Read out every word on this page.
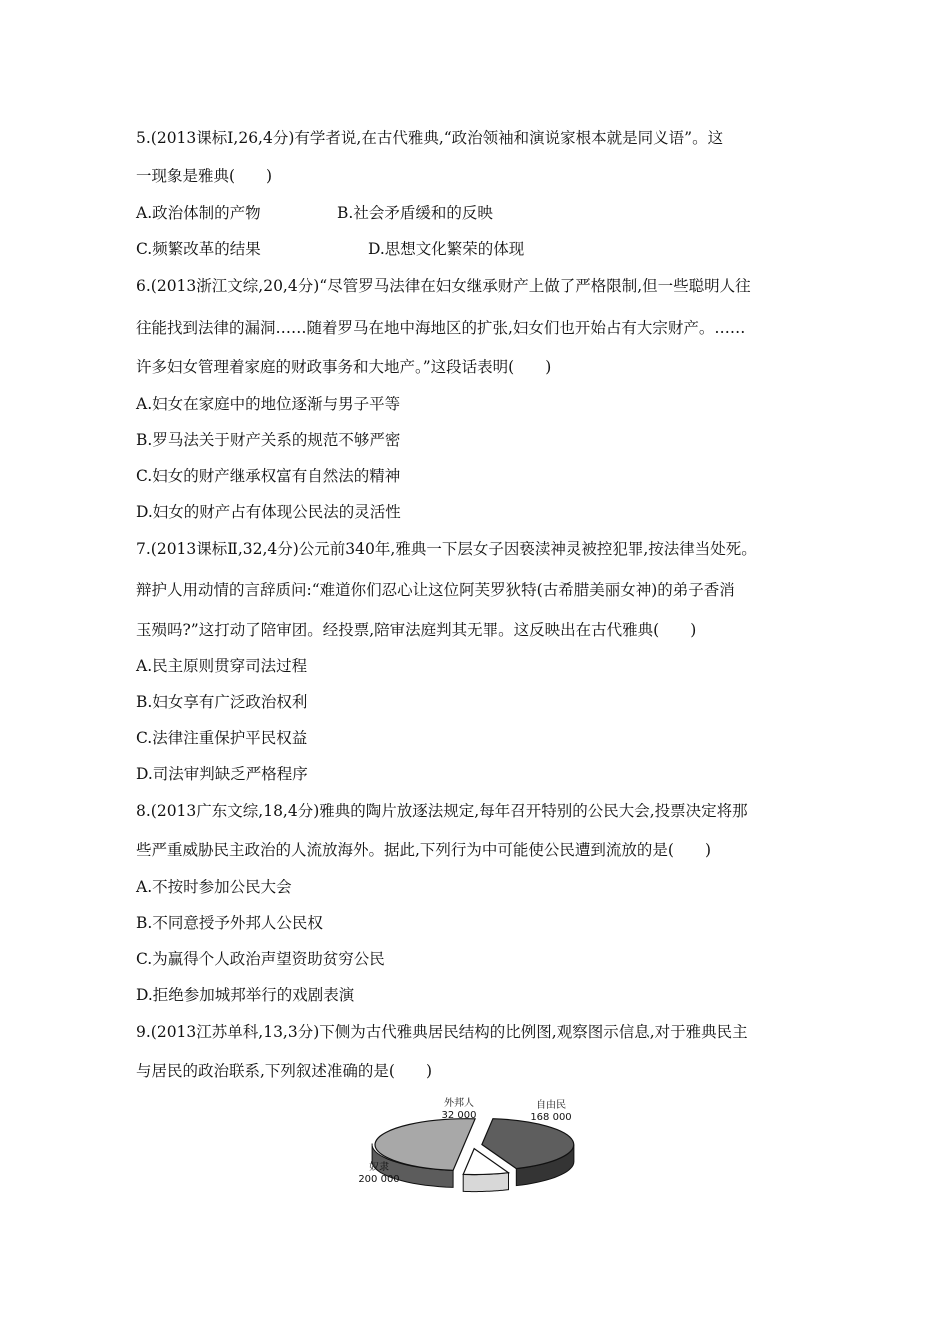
5.(2013课标Ⅰ,26,4分)有学者说,在古代雅典,“政治领袖和演说家根本就是同义语”。这
一现象是雅典(　　)
A.政治体制的产物	B.社会矛盾缓和的反映
C.频繁改革的结果	D.思想文化繁荣的体现
6.(2013浙江文综,20,4分)“尽管罗马法律在妇女继承财产上做了严格限制,但一些聪明人往
往能找到法律的漏洞……随着罗马在地中海地区的扩张,妇女们也开始占有大宗财产。……
许多妇女管理着家庭的财政事务和大地产。”这段话表明(　　)
A.妇女在家庭中的地位逐渐与男子平等
B.罗马法关于财产关系的规范不够严密
C.妇女的财产继承权富有自然法的精神
D.妇女的财产占有体现公民法的灵活性
7.(2013课标Ⅱ,32,4分)公元前340年,雅典一下层女子因亵渎神灵被控犯罪,按法律当处死。
辩护人用动情的言辞质问:“难道你们忍心让这位阿芙罗狄特(古希腊美丽女神)的弟子香消
玉殒吗?”这打动了陪审团。经投票,陪审法庭判其无罪。这反映出在古代雅典(　　)
A.民主原则贯穿司法过程
B.妇女享有广泛政治权利
C.法律注重保护平民权益
D.司法审判缺乏严格程序
8.(2013广东文综,18,4分)雅典的陶片放逐法规定,每年召开特别的公民大会,投票决定将那
些严重威胁民主政治的人流放海外。据此,下列行为中可能使公民遭到流放的是(　　)
A.不按时参加公民大会
B.不同意授予外邦人公民权
C.为赢得个人政治声望资助贫穷公民
D.拒绝参加城邦举行的戏剧表演
9.(2013江苏单科,13,3分)下侧为古代雅典居民结构的比例图,观察图示信息,对于雅典民主
与居民的政治联系,下列叙述准确的是(　　)
外邦人
32 000
自由民
168 000
奴隶
200 000
